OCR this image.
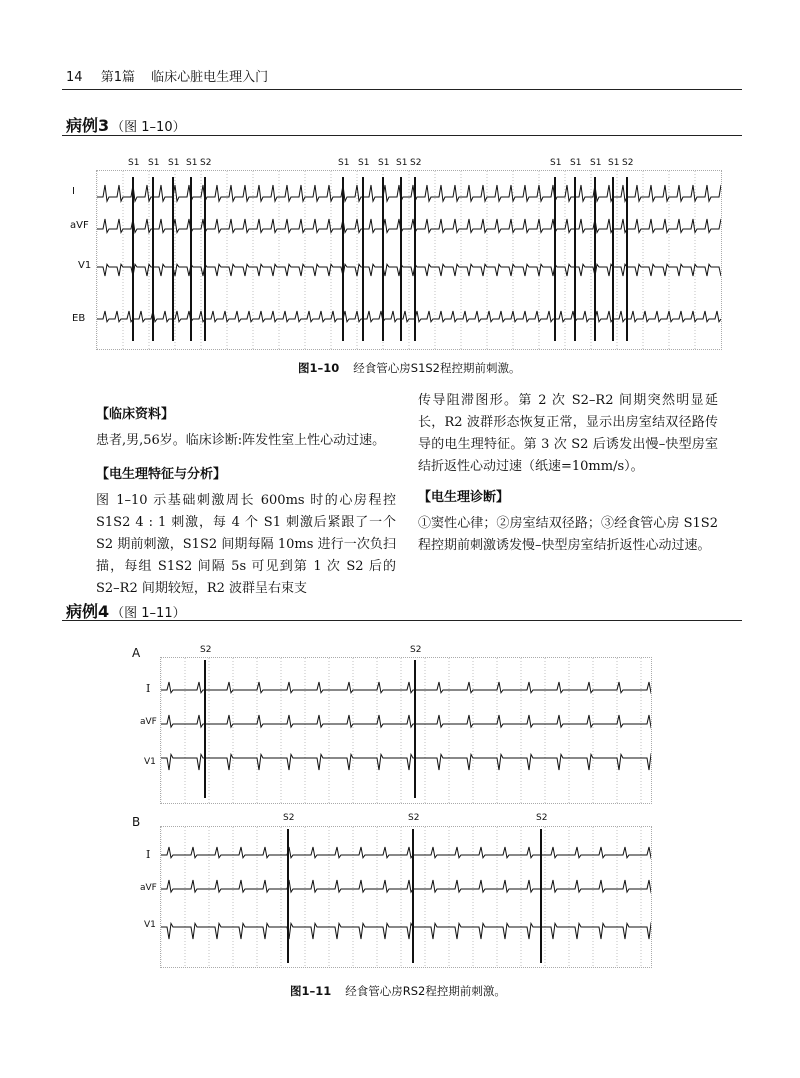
14 第1篇 临床心脏电生理入门
病例3 （图 1–10）
S1 S1 S1 S1 S2	S1 S1 S1 S1 S2	S1 S1 S1 S1 S2
I
aVF
V1
EB
图1–10 经食管心房S1S2程控期前刺激。
【临床资料】
患者,男,56岁。临床诊断:阵发性室上性心动过速。
【电生理特征与分析】
图 1–10 示基础刺激周长 600ms 时的心房程控 S1S2 4 : 1 刺激，每 4 个 S1 刺激后紧跟了一个 S2 期前刺激，S1S2 间期每隔 10ms 进行一次负扫描，每组 S1S2 间隔 5s 可见到第 1 次 S2 后的 S2–R2 间期较短，R2 波群呈右束支
传导阻滞图形。第 2 次 S2–R2 间期突然明显延长，R2 波群形态恢复正常，显示出房室结双径路传导的电生理特征。第 3 次 S2 后诱发出慢–快型房室结折返性心动过速（纸速=10mm/s）。
【电生理诊断】
①窦性心律；②房室结双径路；③经食管心房 S1S2 程控期前刺激诱发慢–快型房室结折返性心动过速。
病例4 （图 1–11）
A	S2	S2
I
aVF
V1
B	S2	S2	S2
I
aVF
V1
图1–11 经食管心房RS2程控期前刺激。
